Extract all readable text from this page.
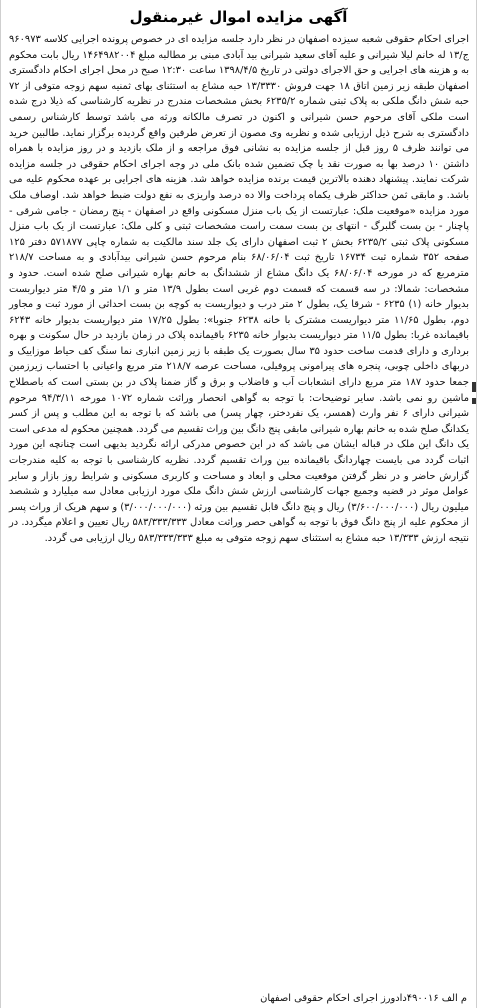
آگهی مزایده اموال غیرمنقول

اجرای احکام حقوقی شعبه سیزده اصفهان در نظر دارد جلسه مزایده ای در خصوص پرونده اجرایی کلاسه ۹۶۰۹۷۳ ج/۱۳ له خانم لیلا شیرانی و علیه آقای سعید شیرانی بید آبادی مبنی بر مطالبه مبلغ ۱۴۶۴۹۸۲۰۰۴ ریال بابت محکوم به و هزینه های اجرایی و حق الاجرای دولتی در تاریخ ۱۳۹۸/۴/۵ ساعت ۱۲:۳۰ صبح در محل اجرای احکام دادگستری اصفهان طبقه زیر زمین اتاق ۱۸ جهت فروش ۱۳/۳۳۳۰ حبه مشاع به استثنای بهای ثمنیه سهم زوجه متوفی از ۷۲ حبه شش دانگ ملکی به پلاک ثبتی شماره ۶۲۳۵/۲ بخش مشخصات مندرج در نظریه کارشناسی که ذیلا درج شده است ملکی آقای مرحوم حسن شیرانی و اکنون در تصرف مالکانه ورثه می باشد توسط کارشناس رسمی دادگستری به شرح ذیل ارزیابی شده و نظریه وی مصون از تعرض طرفین واقع گردیده برگزار نماید. طالبین خرید می توانند ظرف ۵ روز قبل از جلسه مزایده به نشانی فوق مراجعه و از ملک بازدید و در روز مزایده با همراه داشتن ۱۰ درصد بها به صورت نقد یا چک تضمین شده بانک ملی در وجه اجرای احکام حقوقی در جلسه مزایده شرکت نمایند. پیشنهاد دهنده بالاترین قیمت برنده مزایده خواهد شد. هزینه های اجرایی بر عهده محکوم علیه می باشد. و مابقی ثمن حداکثر ظرف یکماه پرداخت والا ده درصد واریزی به نفع دولت ضبط خواهد شد. اوصاف ملک مورد مزایده «موقعیت ملک: عبارتست از یک باب منزل مسکونی واقع در اصفهان - پنج رمضان - جامی شرقی - پاچنار - بن بست گلبرگ - انتهای بن بست سمت راست مشخصات ثبتی و کلی ملک: عبارتست از یک باب منزل مسکونی پلاک ثبتی ۶۲۳۵/۲ بخش ۲ ثبت اصفهان دارای یک جلد سند مالکیت به شماره چاپی ۵۷۱۸۷۷ دفتر ۱۲۵ صفحه ۳۵۲ شماره ثبت ۱۶۷۳۴ تاریخ ثبت ۶۸/۰۶/۰۴ بنام مرحوم حسن شیرانی بیدآبادی و به مساحت ۲۱۸/۷ مترمربع که در مورخه ۶۸/۰۶/۰۴ یک دانگ مشاع از ششدانگ به خانم بهاره شیرانی صلح شده است. حدود و مشخصات: شمالا: در سه قسمت که قسمت دوم غربی است بطول ۱۳/۹ متر و ۱/۱ متر و ۴/۵ متر دیواربست بدیوار خانه (۱) ۶۲۳۵ - شرقا یک، بطول ۲ متر درب و دیواریست به کوچه بن بست احداثی از مورد ثبت و مجاور دوم، بطول ۱۱/۶۵ متر دیواریست مشترک با خانه ۶۲۳۸ جنوبا»: بطول ۱۷/۲۵ متر دیواریست بدیوار خانه ۶۲۴۳ باقیمانده غربا: بطول ۱۱/۵ متر دیواریست بدیوار خانه ۶۲۳۵ باقیمانده پلاک در زمان بازدید در حال سکونت و بهره برداری و دارای قدمت ساخت حدود ۳۵ سال بصورت یک طبقه با زیر زمین انباری نما سنگ کف حیاط موزاییک و دربهای داخلی چوبی، پنجره های پیرامونی پروفیلی، مساحت عرصه ۲۱۸/۷ متر مربع واعیانی با احتساب زیرزمین جمعا حدود ۱۸۷ متر مربع دارای انشعابات آب و فاضلاب و برق و گاز ضمنا پلاک در بن بستی است که باصطلاح ماشین رو نمی باشد. سایر توضیحات: با توجه به گواهی انحصار وراثت شماره ۱۰۷۲ مورخه ۹۴/۳/۱۱ مرحوم شیرانی دارای ۶ نفر وارث (همسر، یک نفردختر، چهار پسر) می باشد که با توجه به این مطلب و پس از کسر یکدانگ صلح شده به خانم بهاره شیرانی مابقی پنج دانگ بین وراث تقسیم می گردد. همچنین محکوم له مدعی است یک دانگ این ملک در قباله ایشان می باشد که در این خصوص مدرکی ارائه نگردید بدیهی است چنانچه این مورد اثبات گردد می بایست چهاردانگ باقیمانده بین وراث تقسیم گردد. نظریه کارشناسی با توجه به کلیه مندرجات گزارش حاضر و در نظر گرفتن موقعیت محلی و ابعاد و مساحت و کاربری مسکونی و شرایط روز بازار و سایر عوامل موثر در قضیه وجمیع جهات کارشناسی ارزش شش دانگ ملک مورد ارزیابی معادل سه میلیارد و ششصد میلیون ریال (۳/۶۰۰/۰۰۰/۰۰۰) ریال و پنج دانگ قابل تقسیم بین ورثه (۳/۰۰۰/۰۰۰/۰۰۰) و سهم هریک از وراث پسر از محکوم علیه از پنج دانگ فوق با توجه به گواهی حصر وراثت معادل ۵۸۳/۳۳۳/۳۳۳ ریال تعیین و اعلام میگردد. در نتیجه ارزش ۱۳/۳۳۳ حبه مشاع به استثنای سهم زوجه متوفی به مبلغ ۵۸۳/۳۳۳/۳۳۳ ریال ارزیابی می گردد.

م الف ۴۹۰۰۱۶دادورز اجرای احکام حقوقی اصفهان
